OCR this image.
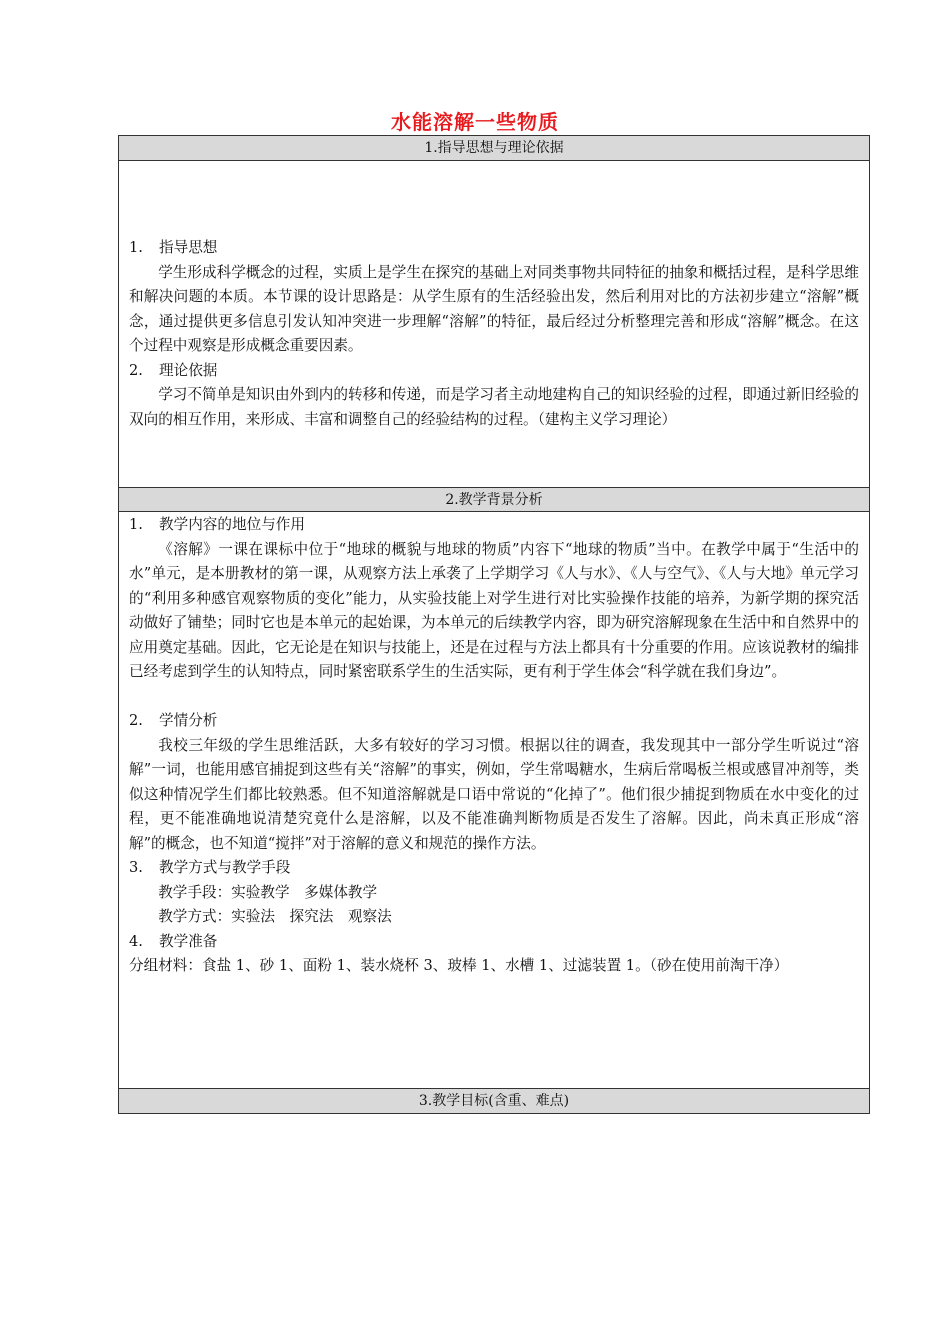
水能溶解一些物质
1.指导思想与理论依据

1. 指导思想

学生形成科学概念的过程，实质上是学生在探究的基础上对同类事物共同特征的抽象和概括过程，是科学思维和解决问题的本质。本节课的设计思路是：从学生原有的生活经验出发，然后利用对比的方法初步建立“溶解”概念，通过提供更多信息引发认知冲突进一步理解“溶解”的特征，最后经过分析整理完善和形成“溶解”概念。在这个过程中观察是形成概念重要因素。

2. 理论依据

学习不简单是知识由外到内的转移和传递，而是学习者主动地建构自己的知识经验的过程，即通过新旧经验的双向的相互作用，来形成、丰富和调整自己的经验结构的过程。（建构主义学习理论）

2.教学背景分析

1. 教学内容的地位与作用

《溶解》一课在课标中位于“地球的概貌与地球的物质”内容下“地球的物质”当中。在教学中属于“生活中的水”单元，是本册教材的第一课，从观察方法上承袭了上学期学习《人与水》、《人与空气》、《人与大地》单元学习的“利用多种感官观察物质的变化”能力，从实验技能上对学生进行对比实验操作技能的培养，为新学期的探究活动做好了铺垫；同时它也是本单元的起始课，为本单元的后续教学内容，即为研究溶解现象在生活中和自然界中的应用奠定基础。因此，它无论是在知识与技能上，还是在过程与方法上都具有十分重要的作用。应该说教材的编排已经考虑到学生的认知特点，同时紧密联系学生的生活实际，更有利于学生体会“科学就在我们身边”。

2. 学情分析

我校三年级的学生思维活跃，大多有较好的学习习惯。根据以往的调查，我发现其中一部分学生听说过“溶解”一词，也能用感官捕捉到这些有关“溶解”的事实，例如，学生常喝糖水，生病后常喝板兰根或感冒冲剂等，类似这种情况学生们都比较熟悉。但不知道溶解就是口语中常说的“化掉了”。他们很少捕捉到物质在水中变化的过程，更不能准确地说清楚究竟什么是溶解，以及不能准确判断物质是否发生了溶解。因此，尚未真正形成“溶解”的概念，也不知道“搅拌”对于溶解的意义和规范的操作方法。

3. 教学方式与教学手段

教学手段：实验教学　多媒体教学

教学方式：实验法　探究法　观察法

4. 教学准备

分组材料：食盐 1、砂 1、面粉 1、装水烧杯 3、玻棒 1、水槽 1、过滤装置 1。（砂在使用前淘干净）

3.教学目标(含重、难点)
